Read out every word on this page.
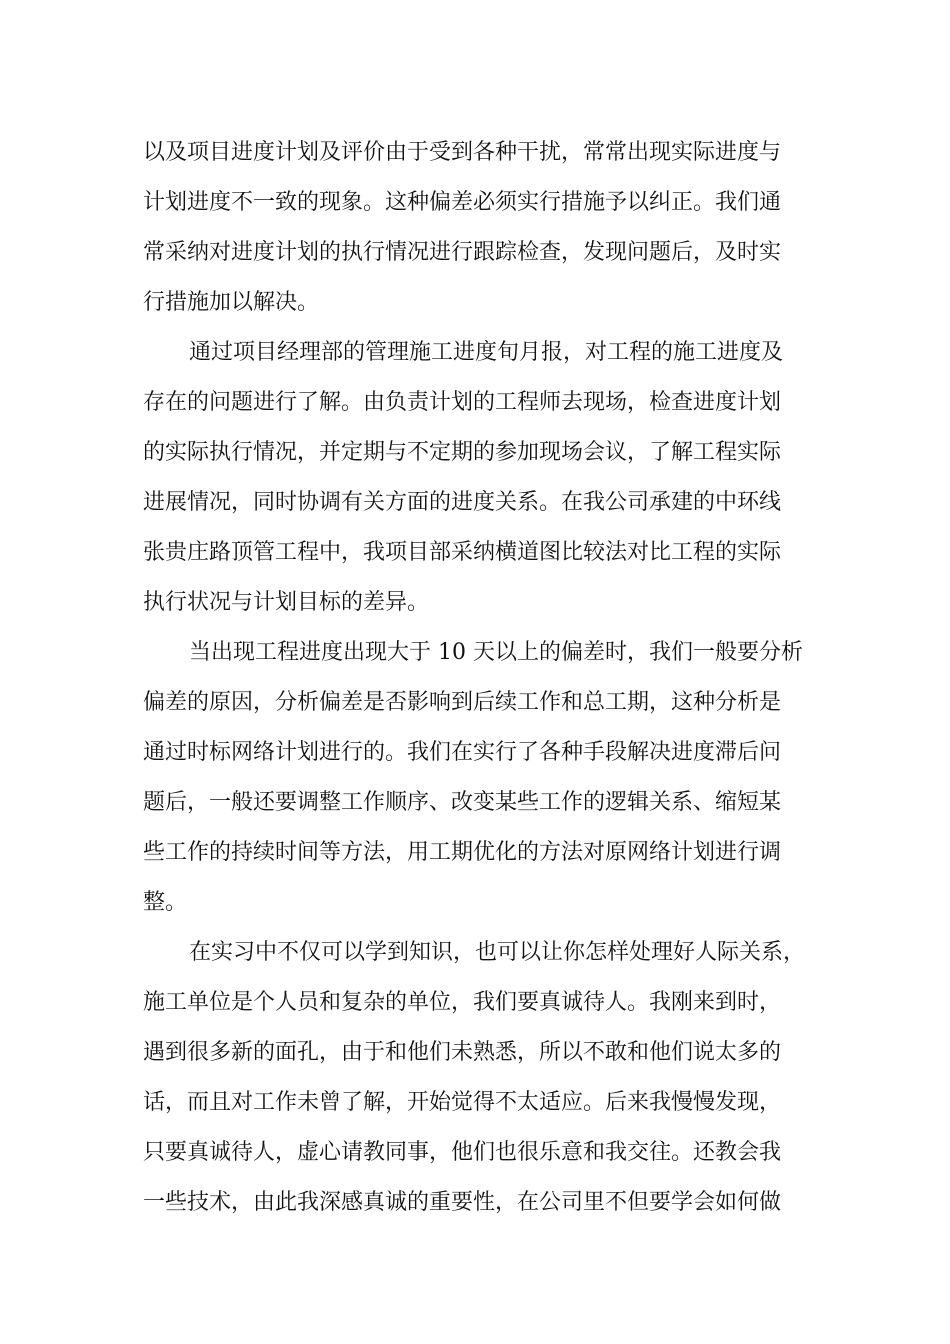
以及项目进度计划及评价由于受到各种干扰，常常出现实际进度与
计划进度不一致的现象。这种偏差必须实行措施予以纠正。我们通
常采纳对进度计划的执行情况进行跟踪检查，发现问题后，及时实
行措施加以解决。
通过项目经理部的管理施工进度旬月报，对工程的施工进度及
存在的问题进行了解。由负责计划的工程师去现场，检查进度计划
的实际执行情况，并定期与不定期的参加现场会议，了解工程实际
进展情况，同时协调有关方面的进度关系。在我公司承建的中环线
张贵庄路顶管工程中，我项目部采纳横道图比较法对比工程的实际
执行状况与计划目标的差异。
当出现工程进度出现大于 10 天以上的偏差时，我们一般要分析
偏差的原因，分析偏差是否影响到后续工作和总工期，这种分析是
通过时标网络计划进行的。我们在实行了各种手段解决进度滞后问
题后，一般还要调整工作顺序、改变某些工作的逻辑关系、缩短某
些工作的持续时间等方法，用工期优化的方法对原网络计划进行调
整。
在实习中不仅可以学到知识，也可以让你怎样处理好人际关系，
施工单位是个人员和复杂的单位，我们要真诚待人。我刚来到时，
遇到很多新的面孔，由于和他们未熟悉，所以不敢和他们说太多的
话，而且对工作未曾了解，开始觉得不太适应。后来我慢慢发现，
只要真诚待人，虚心请教同事，他们也很乐意和我交往。还教会我
一些技术，由此我深感真诚的重要性，在公司里不但要学会如何做
